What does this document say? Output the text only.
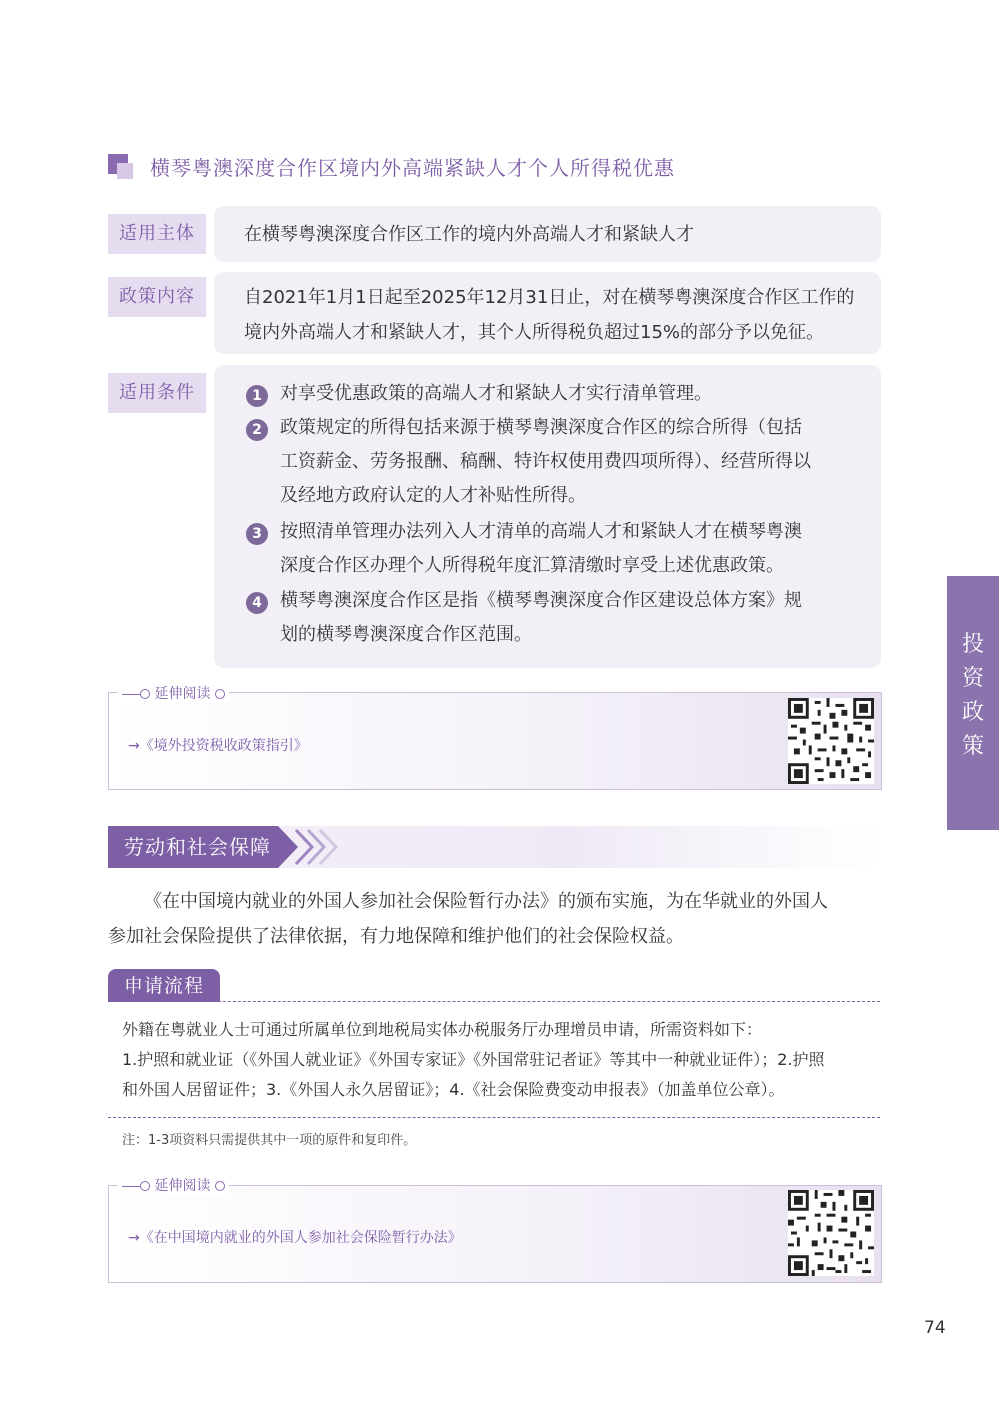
横琴粤澳深度合作区境内外高端紧缺人才个人所得税优惠
适用主体	在横琴粤澳深度合作区工作的境内外高端人才和紧缺人才
政策内容	自2021年1月1日起至2025年12月31日止，对在横琴粤澳深度合作区工作的
境内外高端人才和紧缺人才，其个人所得税负超过15%的部分予以免征。
适用条件	1	对享受优惠政策的高端人才和紧缺人才实行清单管理。
2	政策规定的所得包括来源于横琴粤澳深度合作区的综合所得（包括
工资薪金、劳务报酬、稿酬、特许权使用费四项所得）、经营所得以
及经地方政府认定的人才补贴性所得。
3	按照清单管理办法列入人才清单的高端人才和紧缺人才在横琴粤澳
深度合作区办理个人所得税年度汇算清缴时享受上述优惠政策。
4	横琴粤澳深度合作区是指《横琴粤澳深度合作区建设总体方案》规
划的横琴粤澳深度合作区范围。
延伸阅读
→《境外投资税收政策指引》
投
资
政
策
劳动和社会保障
《在中国境内就业的外国人参加社会保险暂行办法》的颁布实施，为在华就业的外国人
参加社会保险提供了法律依据，有力地保障和维护他们的社会保险权益。
申请流程
外籍在粤就业人士可通过所属单位到地税局实体办税服务厅办理增员申请，所需资料如下：
1.护照和就业证（《外国人就业证》《外国专家证》《外国常驻记者证》等其中一种就业证件）；2.护照
和外国人居留证件；3.《外国人永久居留证》；4.《社会保险费变动申报表》（加盖单位公章）。
注：1-3项资料只需提供其中一项的原件和复印件。
延伸阅读
→《在中国境内就业的外国人参加社会保险暂行办法》
74
